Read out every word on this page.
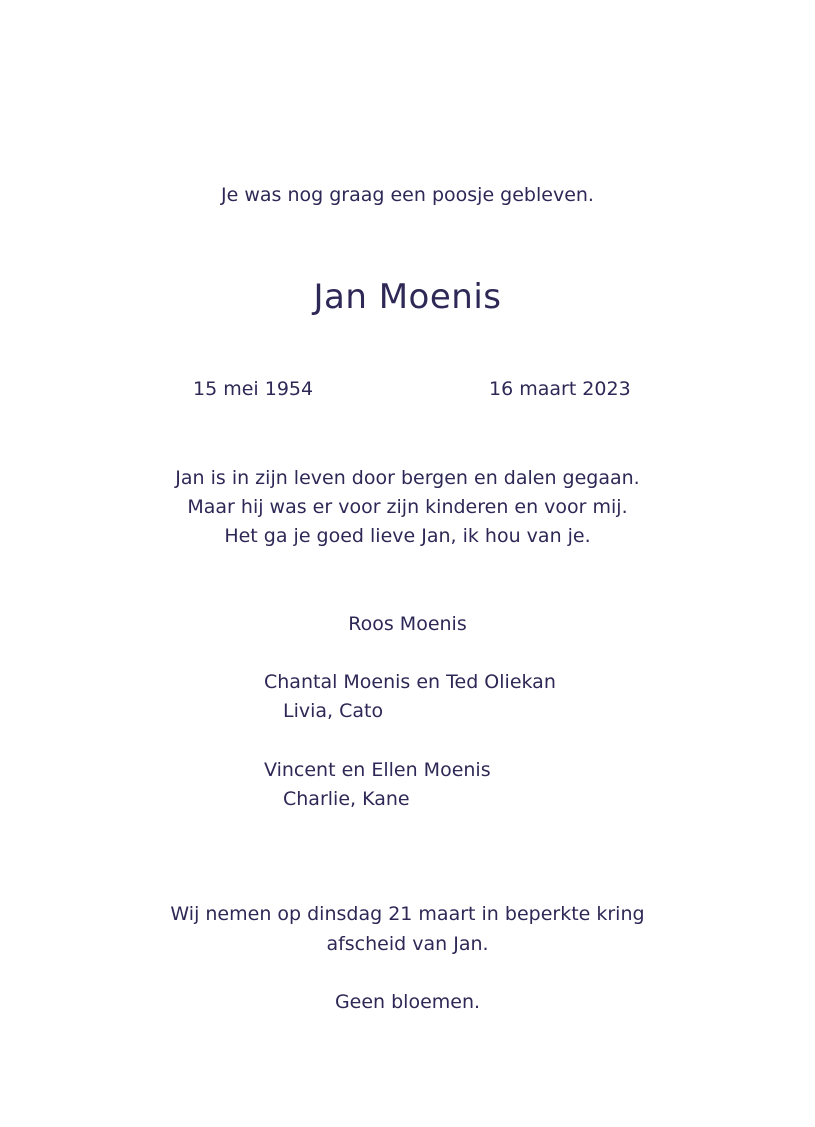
Je was nog graag een poosje gebleven.
Jan Moenis
15 mei 1954	16 maart 2023
Jan is in zijn leven door bergen en dalen gegaan.
Maar hij was er voor zijn kinderen en voor mij.
Het ga je goed lieve Jan, ik hou van je.
Roos Moenis
Chantal Moenis en Ted Oliekan
Livia, Cato
Vincent en Ellen Moenis
Charlie, Kane
Wij nemen op dinsdag 21 maart in beperkte kring
afscheid van Jan.
Geen bloemen.
